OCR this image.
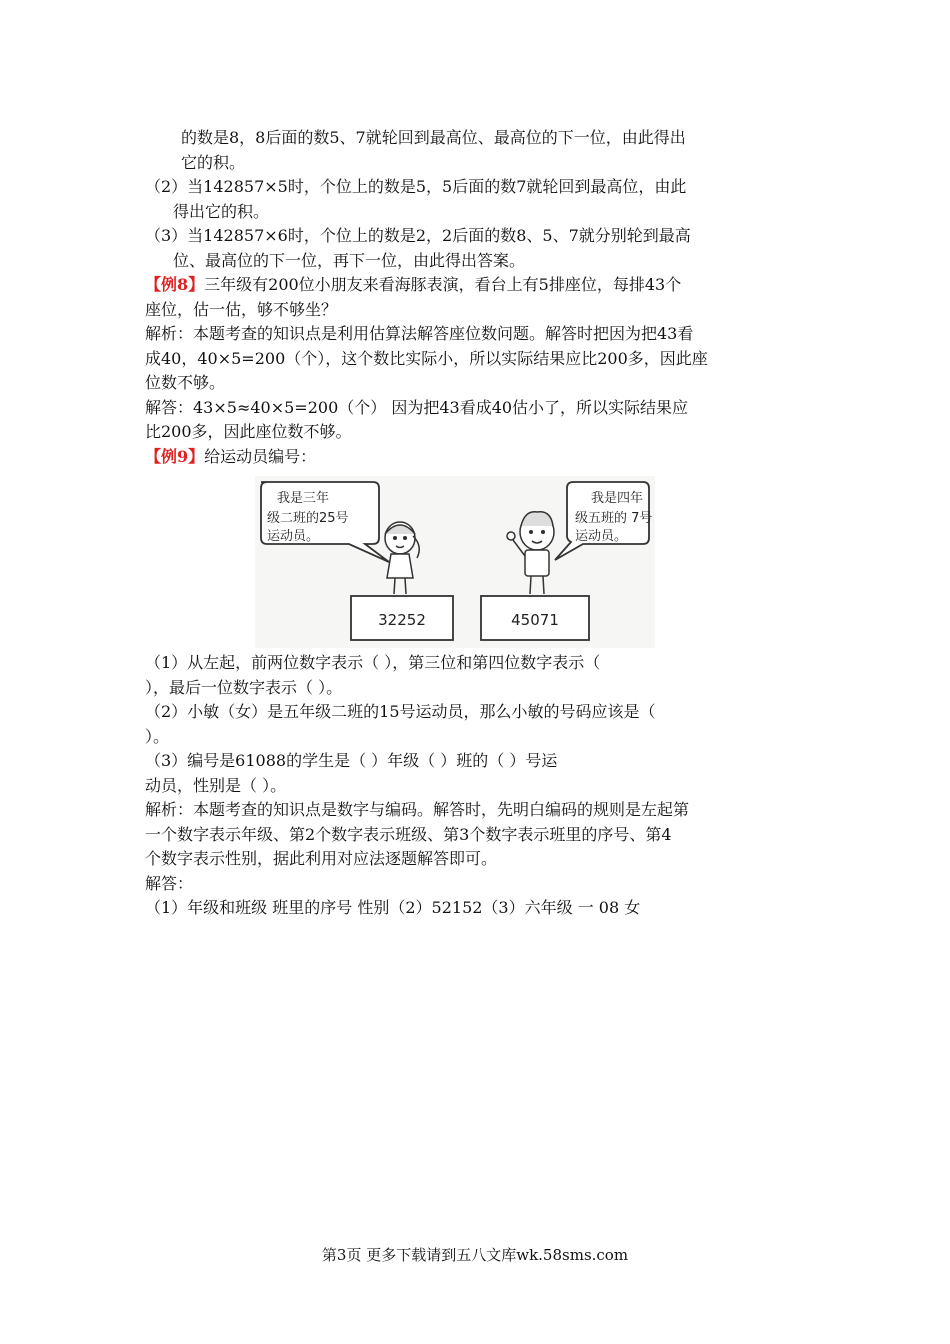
的数是8，8后面的数5、7就轮回到最高位、最高位的下一位，由此得出
它的积。
（2）当142857×5时，个位上的数是5，5后面的数7就轮回到最高位，由此
得出它的积。
（3）当142857×6时，个位上的数是2，2后面的数8、5、7就分别轮到最高
位、最高位的下一位，再下一位，由此得出答案。
【例8】三年级有200位小朋友来看海豚表演，看台上有5排座位，每排43个
座位，估一估，够不够坐？
解析：本题考查的知识点是利用估算法解答座位数问题。解答时把因为把43看
成40，40×5=200（个），这个数比实际小，所以实际结果应比200多，因此座
位数不够。
解答：43×5≈40×5=200（个） 因为把43看成40估小了，所以实际结果应
比200多，因此座位数不够。
【例9】给运动员编号：
（1）从左起，前两位数字表示（ ），第三位和第四位数字表示（
），最后一位数字表示（ ）。
（2）小敏（女）是五年级二班的15号运动员，那么小敏的号码应该是（
）。
（3）编号是61088的学生是（ ）年级（ ）班的（ ）号运
动员，性别是（ ）。
解析：本题考查的知识点是数字与编码。解答时，先明白编码的规则是左起第
一个数字表示年级、第2个数字表示班级、第3个数字表示班里的序号、第4
个数字表示性别，据此利用对应法逐题解答即可。
解答：
（1）年级和班级 班里的序号 性别（2）52152（3）六年级 一 08 女
我是三年
级二班的25号
运动员。
32252
我是四年
级五班的 7号
运动员。
45071
第3页 更多下载请到五八文库wk.58sms.com
